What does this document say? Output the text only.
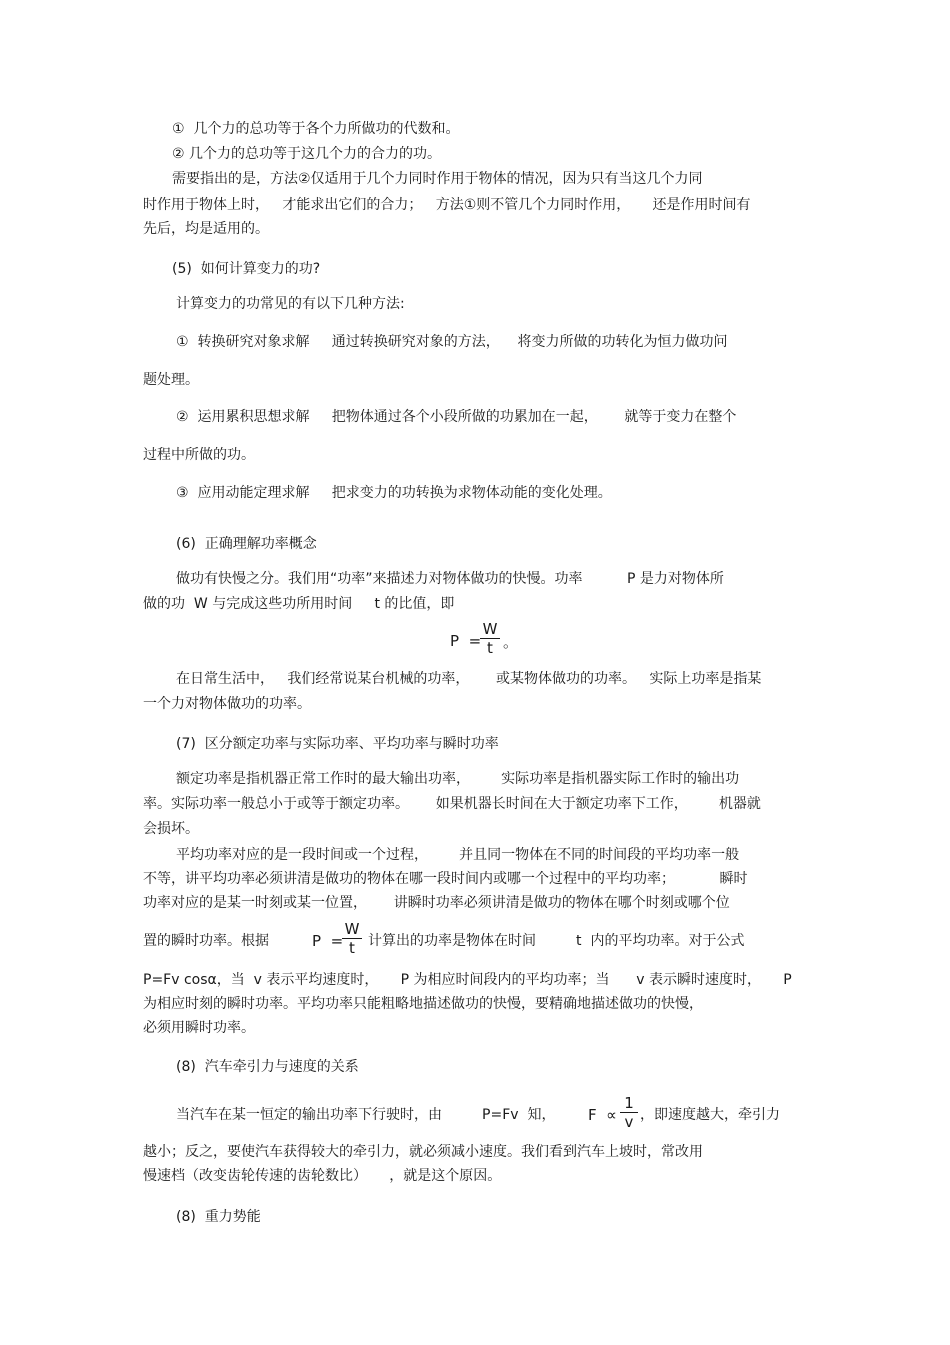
①  几个力的总功等于各个力所做功的代数和。
② 几个力的总功等于这几个力的合力的功。
需要指出的是，方法②仅适用于几个力同时作用于物体的情况，因为只有当这几个力同
时作用于物体上时，   才能求出它们的合力；   方法①则不管几个力同时作用，     还是作用时间有
先后，均是适用的。
(5)  如何计算变力的功?
计算变力的功常见的有以下几种方法:
①  转换研究对象求解     通过转换研究对象的方法，    将变力所做的功转化为恒力做功问
题处理。
②  运用累积思想求解     把物体通过各个小段所做的功累加在一起，      就等于变力在整个
过程中所做的功。
③  应用动能定理求解     把求变力的功转换为求物体动能的变化处理。
(6)  正确理解功率概念
做功有快慢之分。我们用“功率”来描述力对物体做功的快慢。功率          P 是力对物体所
做的功  W 与完成这些功所用时间     t 的比值，即
P  =
W
t 。
在日常生活中，   我们经常说某台机械的功率，      或某物体做功的功率。   实际上功率是指某
一个力对物体做功的功率。
(7)  区分额定功率与实际功率、平均功率与瞬时功率
额定功率是指机器正常工作时的最大输出功率，       实际功率是指机器实际工作时的输出功
率。实际功率一般总小于或等于额定功率。      如果机器长时间在大于额定功率下工作，       机器就
会损坏。
平均功率对应的是一段时间或一个过程，       并且同一物体在不同的时间段的平均功率一般
不等，讲平均功率必须讲清是做功的物体在哪一段时间内或哪一个过程中的平均功率；          瞬时
功率对应的是某一时刻或某一位置，      讲瞬时功率必须讲清是做功的物体在哪个时刻或哪个位
置的瞬时功率。根据	P  =
W
t 计算出的功率是物体在时间         t  内的平均功率。对于公式
P=Fv cosα，当  v 表示平均速度时，     P 为相应时间段内的平均功率；当      v 表示瞬时速度时，     P
为相应时刻的瞬时功率。平均功率只能粗略地描述做功的快慢，要精确地描述做功的快慢，
必须用瞬时功率。
(8)  汽车牵引力与速度的关系
当汽车在某一恒定的输出功率下行驶时，由         P=Fv  知， F  ∝
1
v ，即速度越大，牵引力
越小；反之，要使汽车获得较大的牵引力，就必须减小速度。我们看到汽车上坡时，常改用
慢速档（改变齿轮传速的齿轮数比）     ，就是这个原因。
(8)  重力势能
